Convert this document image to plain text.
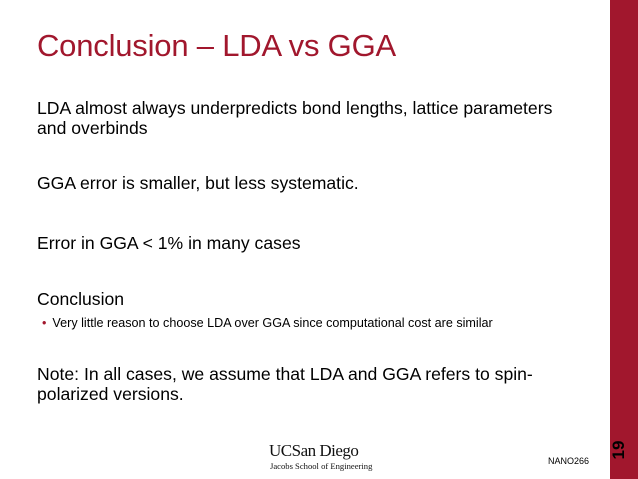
19
Conclusion – LDA vs GGA
LDA almost always underpredicts bond lengths, lattice parameters and overbinds
GGA error is smaller, but less systematic.
Error in GGA < 1% in many cases
Conclusion
• Very little reason to choose LDA over GGA since computational cost are similar
Note: In all cases, we assume that LDA and GGA refers to spin-polarized versions.
UCSan Diego
Jacobs School of Engineering	NANO266
